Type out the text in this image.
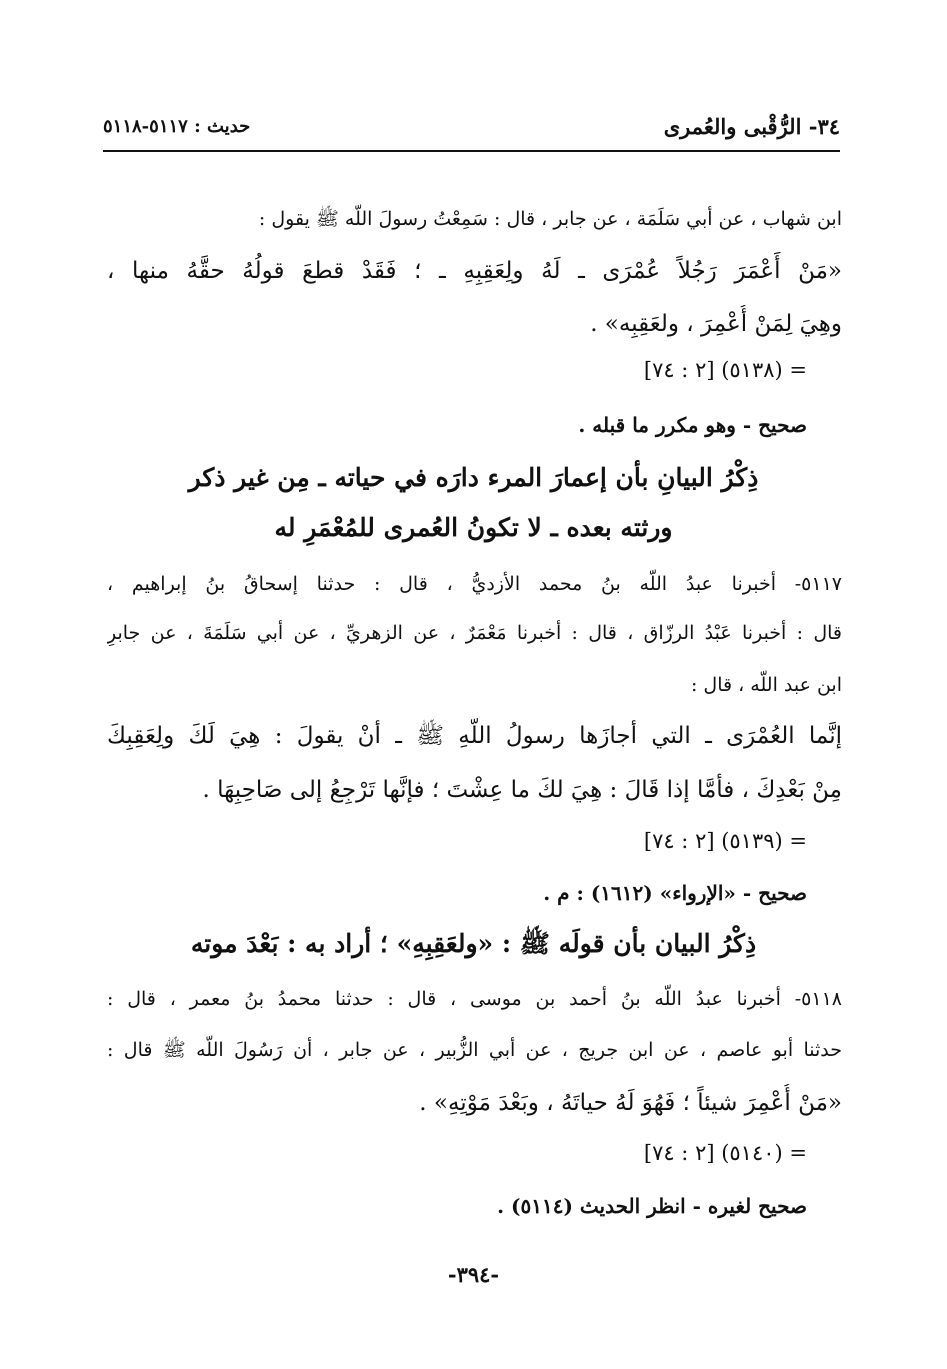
٣٤- الرُّقْبى والعُمرى
حديث : ٥١١٧-٥١١٨
ابن شهاب ، عن أبي سَلَمَة ، عن جابر ، قال : سَمِعْتُ رسولَ اللّه ﷺ يقول :
«مَنْ أَعْمَرَ رَجُلاً عُمْرَى ـ لَهُ ولِعَقِبِهِ ـ ؛ فَقَدْ قطعَ قولُهُ حقَّهُ منها ،
وهِيَ لِمَنْ أُعْمِرَ ، ولعَقِبِه» .
= (٥١٣٨) [٢ : ٧٤]
صحيح - وهو مكرر ما قبله .
ذِكْرُ البيانِ بأن إعمارَ المرء دارَه في حياته ـ مِن غير ذكر
ورثته بعده ـ لا تكونُ العُمرى للمُعْمَرِ له
٥١١٧- أخبرنا عبدُ اللّه بنُ محمد الأزديُّ ، قال : حدثنا إسحاقُ بنُ إبراهيم ،
قال : أخبرنا عَبْدُ الرزّاق ، قال : أخبرنا مَعْمَرٌ ، عن الزهريِّ ، عن أبي سَلَمَةَ ، عن جابرِ
ابن عبد اللّه ، قال :
إنَّما العُمْرَى ـ التي أجازَها رسولُ اللّهِ ﷺ ـ أنْ يقولَ : هِيَ لَكَ ولِعَقِبِكَ
مِنْ بَعْدِكَ ، فأمَّا إذا قَالَ : هِيَ لكَ ما عِشْتَ ؛ فإنَّها تَرْجِعُ إلى صَاحِبِهَا .
= (٥١٣٩) [٢ : ٧٤]
صحيح - «الإرواء» (١٦١٢) : م .
ذِكْرُ البيان بأن قولَه ﷺ : «ولعَقِبِهِ» ؛ أراد به : بَعْدَ موته
٥١١٨- أخبرنا عبدُ اللّه بنُ أحمد بن موسى ، قال : حدثنا محمدُ بنُ معمر ، قال :
حدثنا أبو عاصم ، عن ابن جريج ، عن أبي الزُّبير ، عن جابر ، أن رَسُولَ اللّه ﷺ قال :
«مَنْ أُعْمِرَ شيئاً ؛ فَهُوَ لَهُ حياتَهُ ، وبَعْدَ مَوْتِهِ» .
= (٥١٤٠) [٢ : ٧٤]
صحيح لغيره - انظر الحديث (٥١١٤) .
-٣٩٤-
